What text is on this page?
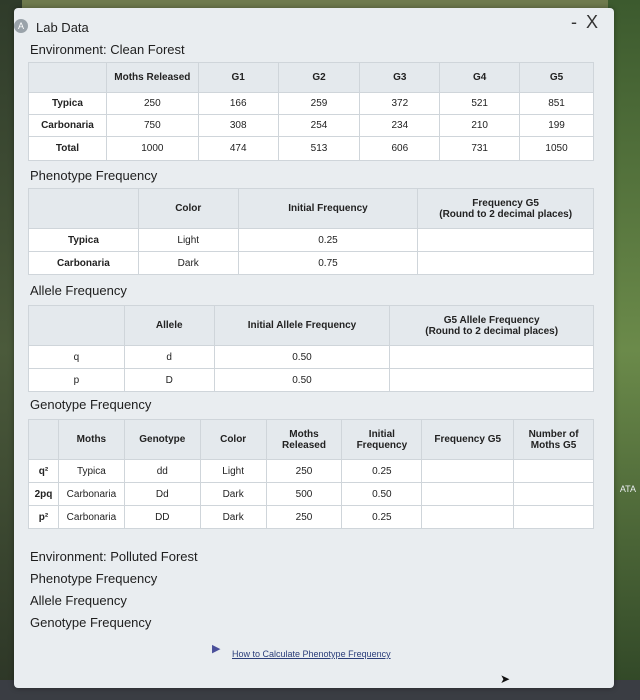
ATA
A Lab Data	- X
Environment: Clean Forest
	Moths Released	G1	G2	G3	G4	G5
Typica	250	166	259	372	521	851
Carbonaria	750	308	254	234	210	199
Total	1000	474	513	606	731	1050
Phenotype Frequency
	Color	Initial Frequency	Frequency G5
(Round to 2 decimal places)

Typica	Light	0.25	
Carbonaria	Dark	0.75	
Allele Frequency
	Allele	Initial Allele Frequency	G5 Allele Frequency
(Round to 2 decimal places)

q	d	0.50	
p	D	0.50	
Genotype Frequency
	Moths	Genotype	Color	Moths Released	Initial Frequency	Frequency G5	Number of Moths G5
q²	Typica	dd	Light	250	0.25		
2pq	Carbonaria	Dd	Dark	500	0.50		
p²	Carbonaria	DD	Dark	250	0.25		
Environment: Polluted Forest
Phenotype Frequency
Allele Frequency
Genotype Frequency
▶ How to Calculate Phenotype Frequency
➤
